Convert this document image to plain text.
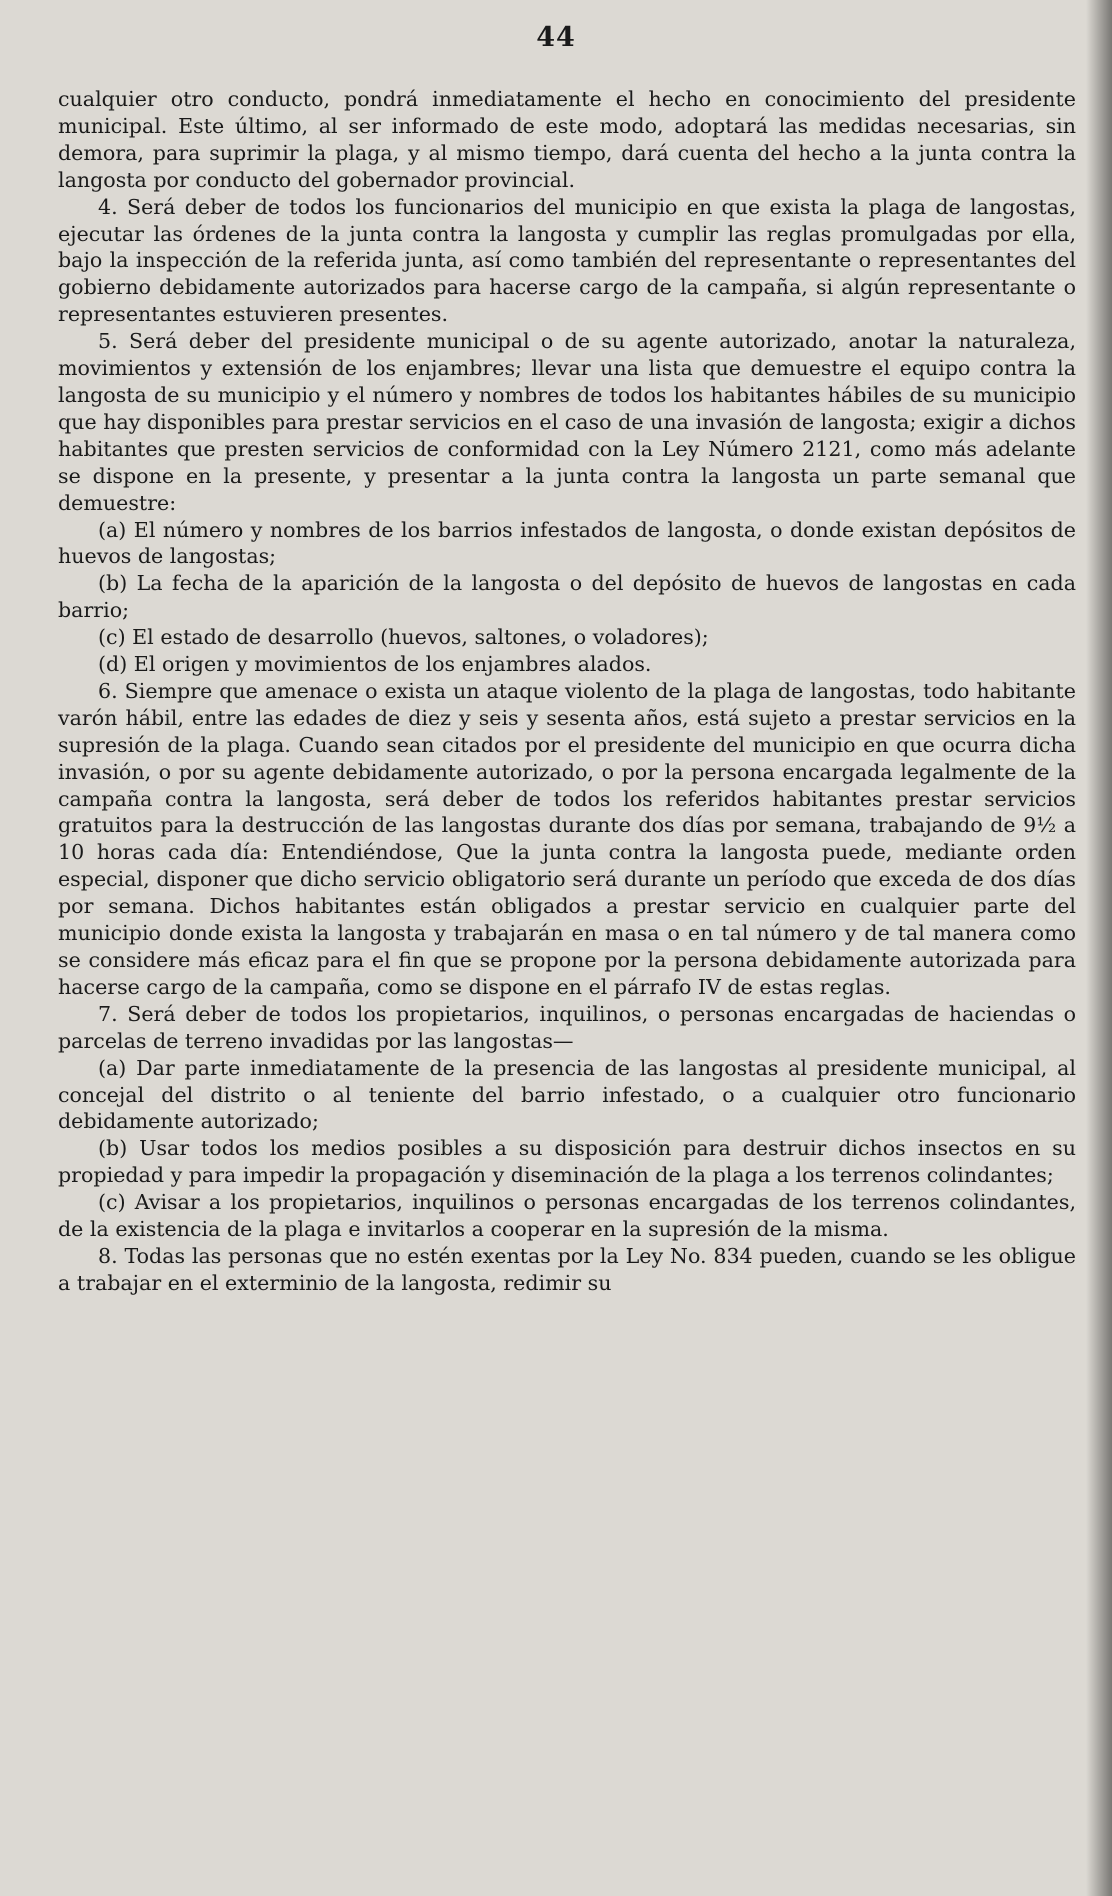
44

cualquier otro conducto, pondrá inmediatamente el hecho en conocimiento del presidente municipal. Este último, al ser informado de este modo, adoptará las medidas necesarias, sin demora, para suprimir la plaga, y al mismo tiempo, dará cuenta del hecho a la junta contra la langosta por conducto del gobernador provincial.

4. Será deber de todos los funcionarios del municipio en que exista la plaga de langostas, ejecutar las órdenes de la junta contra la langosta y cumplir las reglas promulgadas por ella, bajo la inspección de la referida junta, así como también del representante o representantes del gobierno debidamente autorizados para hacerse cargo de la campaña, si algún representante o representantes estuvieren presentes.

5. Será deber del presidente municipal o de su agente autorizado, anotar la naturaleza, movimientos y extensión de los enjambres; llevar una lista que demuestre el equipo contra la langosta de su municipio y el número y nombres de todos los habitantes hábiles de su municipio que hay disponibles para prestar servicios en el caso de una invasión de langosta; exigir a dichos habitantes que presten servicios de conformidad con la Ley Número 2121, como más adelante se dispone en la presente, y presentar a la junta contra la langosta un parte semanal que demuestre:

(a) El número y nombres de los barrios infestados de langosta, o donde existan depósitos de huevos de langostas;

(b) La fecha de la aparición de la langosta o del depósito de huevos de langostas en cada barrio;

(c) El estado de desarrollo (huevos, saltones, o voladores);

(d) El origen y movimientos de los enjambres alados.

6. Siempre que amenace o exista un ataque violento de la plaga de langostas, todo habitante varón hábil, entre las edades de diez y seis y sesenta años, está sujeto a prestar servicios en la supresión de la plaga. Cuando sean citados por el presidente del municipio en que ocurra dicha invasión, o por su agente debidamente autorizado, o por la persona encargada legalmente de la campaña contra la langosta, será deber de todos los referidos habitantes prestar servicios gratuitos para la destrucción de las langostas durante dos días por semana, trabajando de 9½ a 10 horas cada día: Entendiéndose, Que la junta contra la langosta puede, mediante orden especial, disponer que dicho servicio obligatorio será durante un período que exceda de dos días por semana. Dichos habitantes están obligados a prestar servicio en cualquier parte del municipio donde exista la langosta y trabajarán en masa o en tal número y de tal manera como se considere más eficaz para el fin que se propone por la persona debidamente autorizada para hacerse cargo de la campaña, como se dispone en el párrafo IV de estas reglas.

7. Será deber de todos los propietarios, inquilinos, o personas encargadas de haciendas o parcelas de terreno invadidas por las langostas—

(a) Dar parte inmediatamente de la presencia de las langostas al presidente municipal, al concejal del distrito o al teniente del barrio infestado, o a cualquier otro funcionario debidamente autorizado;

(b) Usar todos los medios posibles a su disposición para destruir dichos insectos en su propiedad y para impedir la propagación y diseminación de la plaga a los terrenos colindantes;

(c) Avisar a los propietarios, inquilinos o personas encargadas de los terrenos colindantes, de la existencia de la plaga e invitarlos a cooperar en la supresión de la misma.

8. Todas las personas que no estén exentas por la Ley No. 834 pueden, cuando se les obligue a trabajar en el exterminio de la langosta, redimir su
